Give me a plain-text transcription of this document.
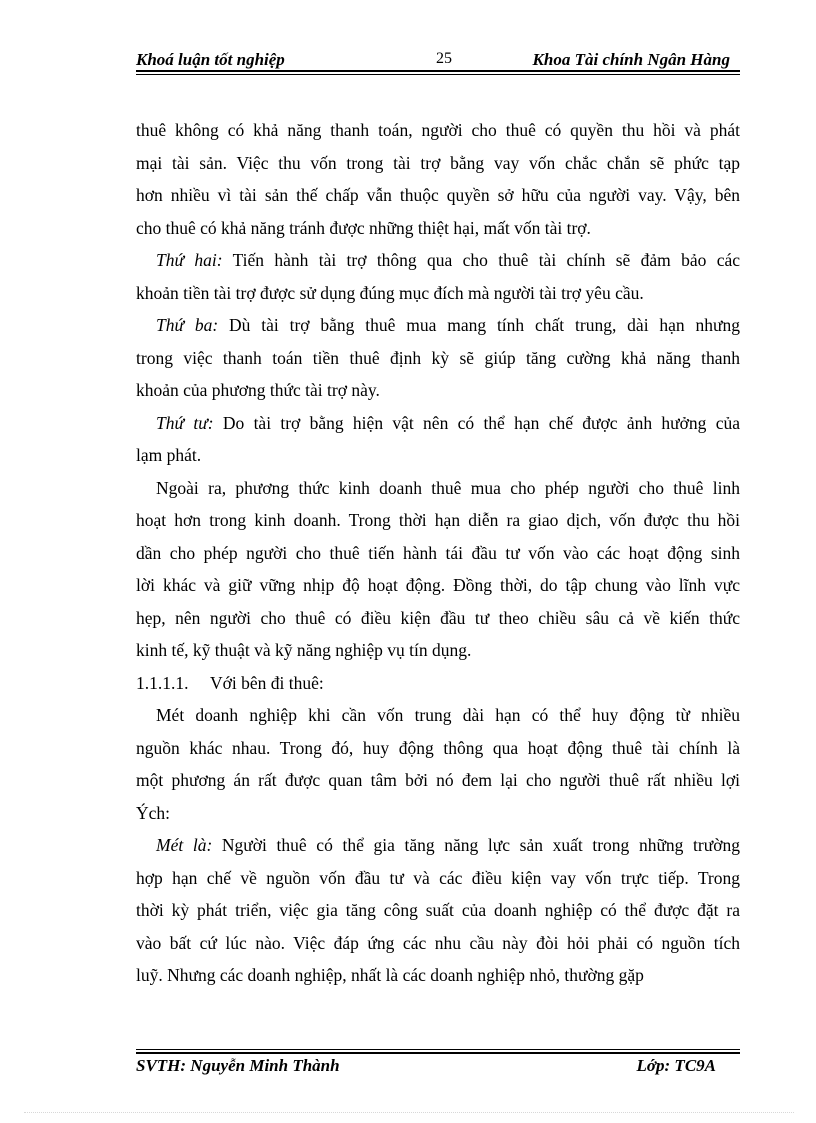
Khoá luận tốt nghiệp	25	Khoa Tài chính Ngân Hàng
thuê không có khả năng thanh toán, người cho thuê có quyền thu hồi và phát
mại tài sản. Việc thu vốn trong tài trợ bằng vay vốn chắc chắn sẽ phức tạp
hơn nhiều vì tài sản thế chấp vẫn thuộc quyền sở hữu của người vay. Vậy, bên
cho thuê có khả năng tránh được những thiệt hại, mất vốn tài trợ.
Thứ hai: Tiến hành tài trợ thông qua cho thuê tài chính sẽ đảm bảo các
khoản tiền tài trợ được sử dụng đúng mục đích mà người tài trợ yêu cầu.
Thứ ba: Dù tài trợ bằng thuê mua mang tính chất trung, dài hạn nhưng
trong việc thanh toán tiền thuê định kỳ sẽ giúp tăng cường khả năng thanh
khoản của phương thức tài trợ này.
Thứ tư: Do tài trợ bằng hiện vật nên có thể hạn chế được ảnh hưởng của
lạm phát.
Ngoài ra, phương thức kinh doanh thuê mua cho phép người cho thuê linh
hoạt hơn trong kinh doanh. Trong thời hạn diễn ra giao dịch, vốn được thu hồi
dần cho phép người cho thuê tiến hành tái đầu tư vốn vào các hoạt động sinh
lời khác và giữ vững nhịp độ hoạt động. Đồng thời, do tập chung vào lĩnh vực
hẹp, nên người cho thuê có điều kiện đầu tư theo chiều sâu cả về kiến thức
kinh tế, kỹ thuật và kỹ năng nghiệp vụ tín dụng.
1.1.1.1. Với bên đi thuê:
Mét doanh nghiệp khi cần vốn trung dài hạn có thể huy động từ nhiều
nguồn khác nhau. Trong đó, huy động thông qua hoạt động thuê tài chính là
một phương án rất được quan tâm bởi nó đem lại cho người thuê rất nhiều lợi
Ých:
Mét là: Người thuê có thể gia tăng năng lực sản xuất trong những trường
hợp hạn chế về nguồn vốn đầu tư và các điều kiện vay vốn trực tiếp. Trong
thời kỳ phát triển, việc gia tăng công suất của doanh nghiệp có thể được đặt ra
vào bất cứ lúc nào. Việc đáp ứng các nhu cầu này đòi hỏi phải có nguồn tích
luỹ. Nhưng các doanh nghiệp, nhất là các doanh nghiệp nhỏ, thường gặp
SVTH: Nguyễn Minh Thành	Lớp: TC9A
